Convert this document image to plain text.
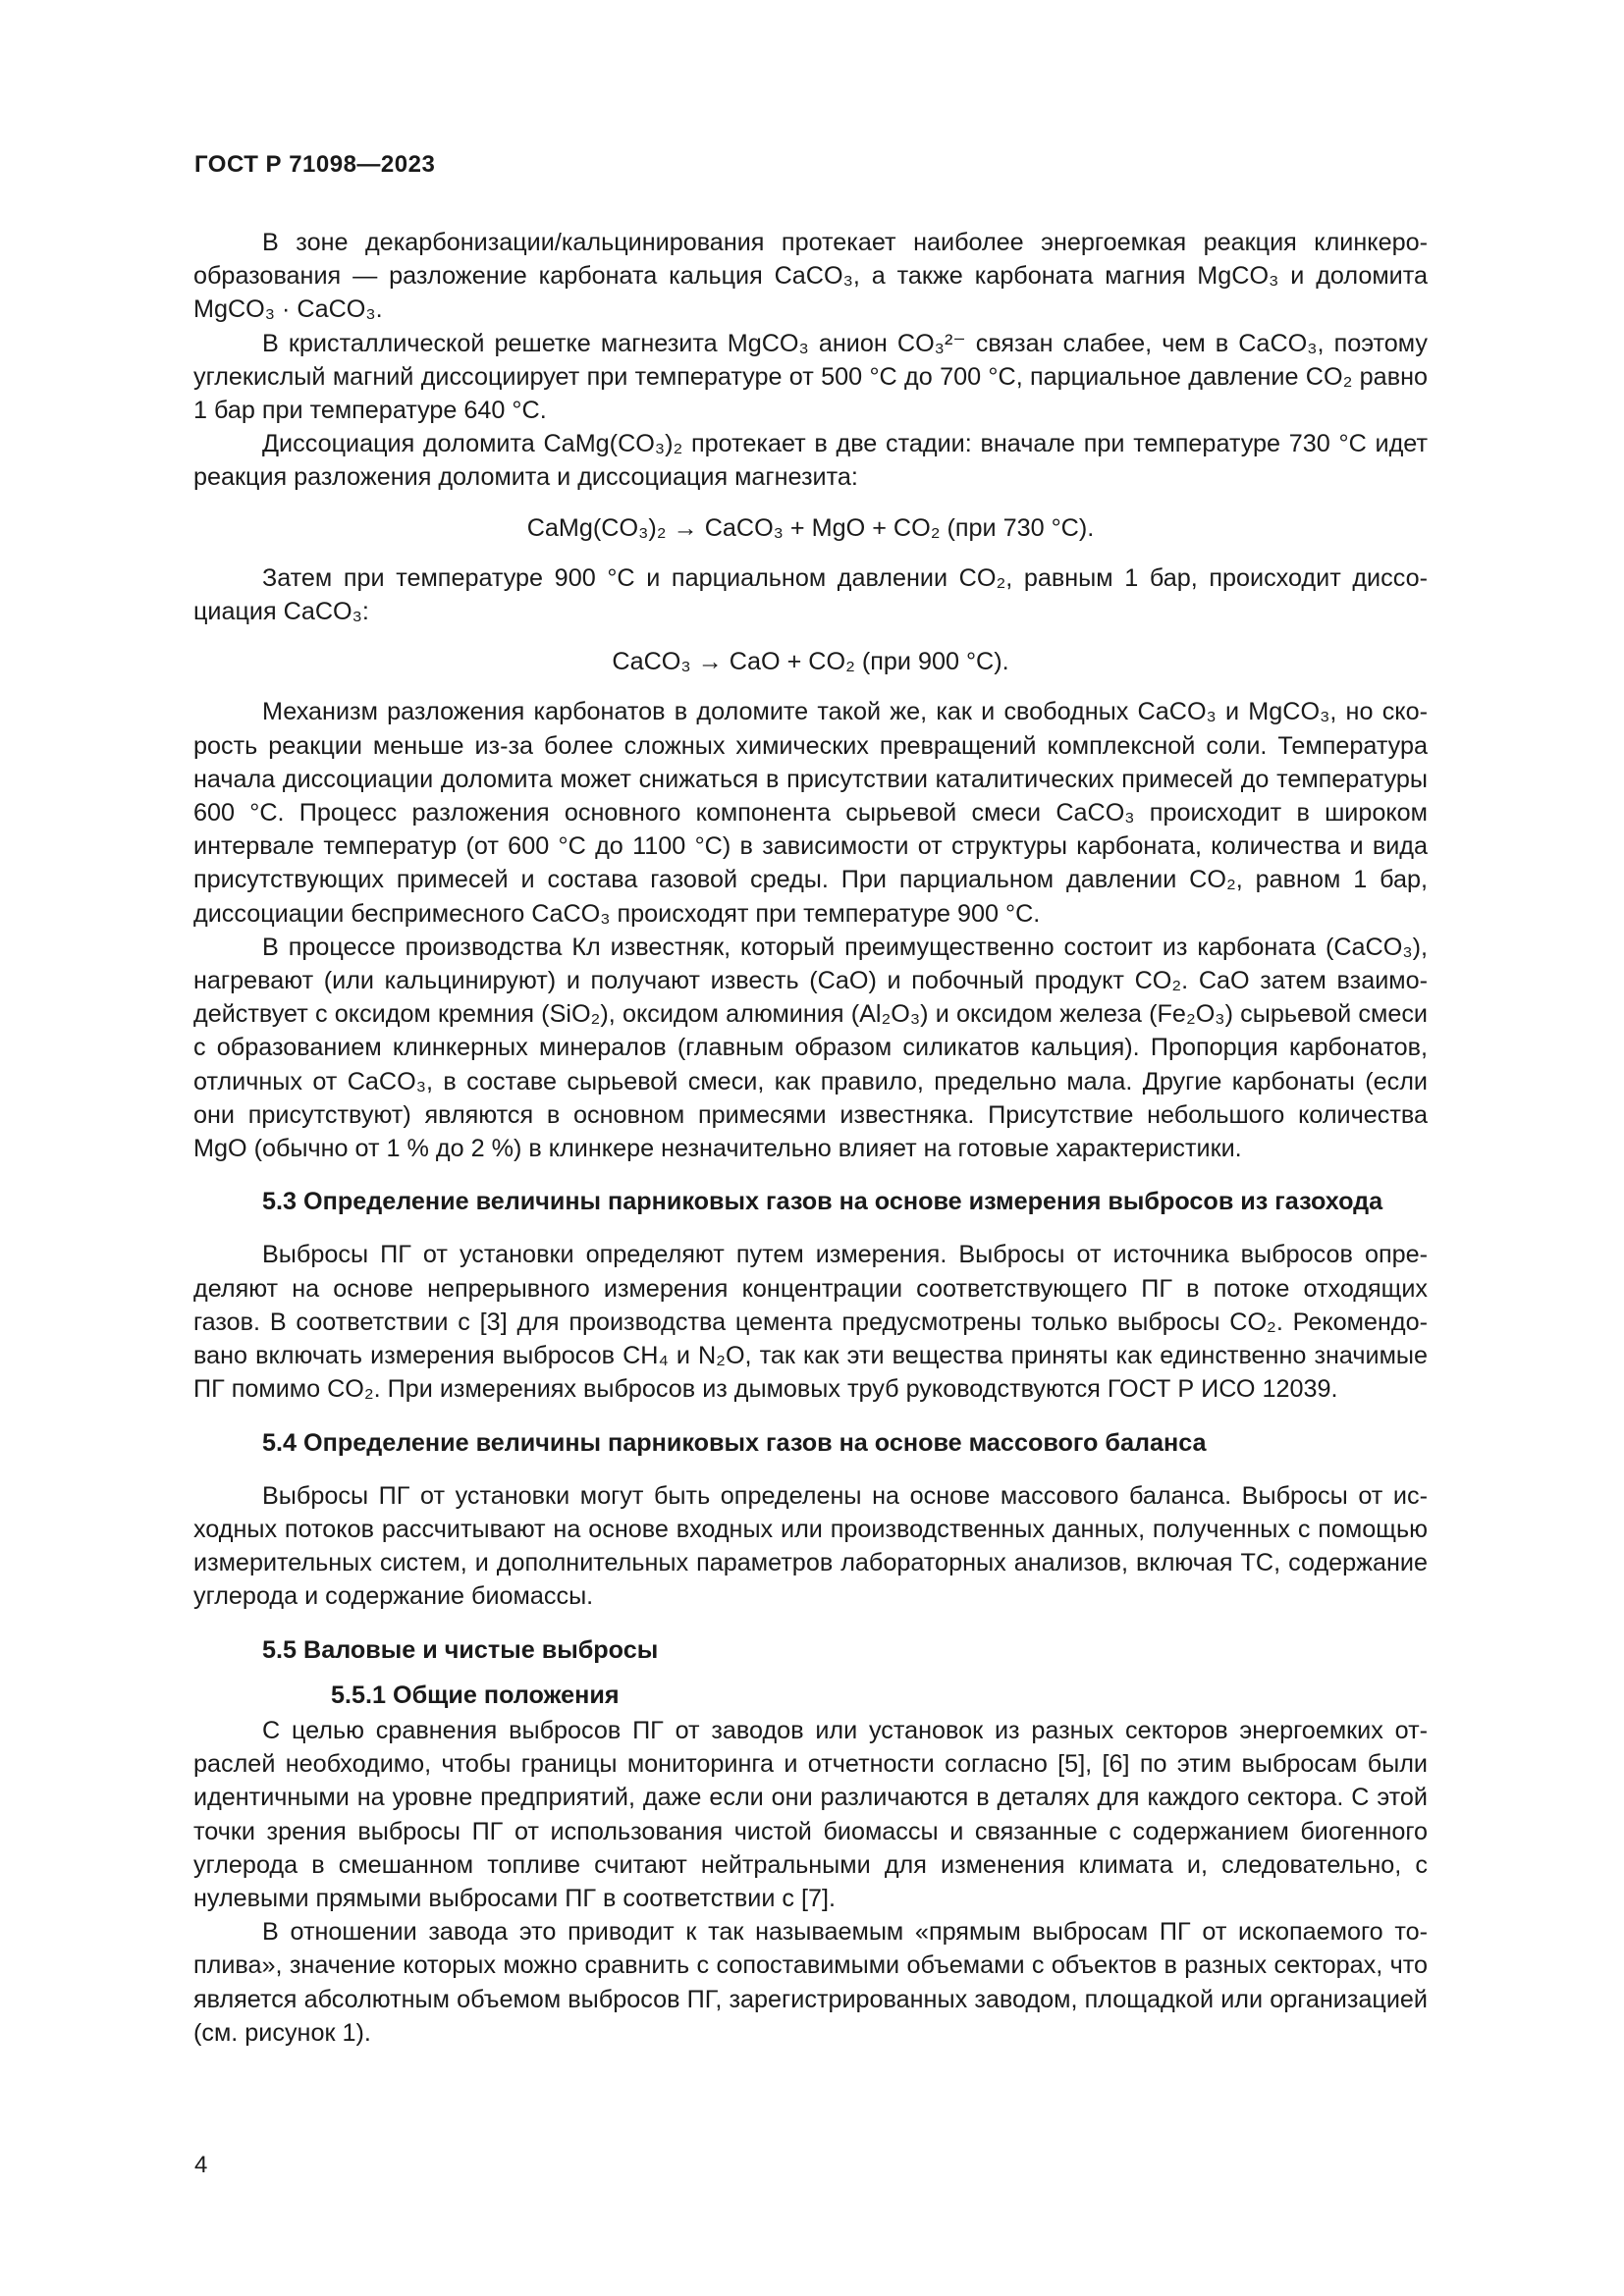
ГОСТ Р 71098—2023

В зоне декарбонизации/кальцинирования протекает наиболее энергоемкая реакция клинкерообразования — разложение карбоната кальция CaCO₃, а также карбоната магния MgCO₃ и доломита MgCO₃ · CaCO₃.

В кристаллической решетке магнезита MgCO₃ анион CO₃²⁻ связан слабее, чем в CaCO₃, поэтому углекислый магний диссоциирует при температуре от 500 °C до 700 °C, парциальное давление CO₂ равно 1 бар при температуре 640 °C.

Диссоциация доломита CaMg(CO₃)₂ протекает в две стадии: вначале при температуре 730 °C идет реакция разложения доломита и диссоциация магнезита:

CaMg(CO₃)₂ → CaCO₃ + MgO + CO₂ (при 730 °C).

Затем при температуре 900 °C и парциальном давлении CO₂, равным 1 бар, происходит диссоциация CaCO₃:

CaCO₃ → CaO + CO₂ (при 900 °C).

Механизм разложения карбонатов в доломите такой же, как и свободных CaCO₃ и MgCO₃, но скорость реакции меньше из-за более сложных химических превращений комплексной соли. Температура начала диссоциации доломита может снижаться в присутствии каталитических примесей до температуры 600 °C. Процесс разложения основного компонента сырьевой смеси CaCO₃ происходит в широком интервале температур (от 600 °C до 1100 °C) в зависимости от структуры карбоната, количества и вида присутствующих примесей и состава газовой среды. При парциальном давлении CO₂, равном 1 бар, диссоциации беспримесного CaCO₃ происходят при температуре 900 °C.

В процессе производства Кл известняк, который преимущественно состоит из карбоната (CaCO₃), нагревают (или кальцинируют) и получают известь (CaO) и побочный продукт CO₂. CaO затем взаимодействует с оксидом кремния (SiO₂), оксидом алюминия (Al₂O₃) и оксидом железа (Fe₂O₃) сырьевой смеси с образованием клинкерных минералов (главным образом силикатов кальция). Пропорция карбонатов, отличных от CaCO₃, в составе сырьевой смеси, как правило, предельно мала. Другие карбонаты (если они присутствуют) являются в основном примесями известняка. Присутствие небольшого количества MgO (обычно от 1 % до 2 %) в клинкере незначительно влияет на готовые характеристики.

5.3 Определение величины парниковых газов на основе измерения выбросов из газохода

Выбросы ПГ от установки определяют путем измерения. Выбросы от источника выбросов определяют на основе непрерывного измерения концентрации соответствующего ПГ в потоке отходящих газов. В соответствии с [3] для производства цемента предусмотрены только выбросы CO₂. Рекомендовано включать измерения выбросов CH₄ и N₂O, так как эти вещества приняты как единственно значимые ПГ помимо CO₂. При измерениях выбросов из дымовых труб руководствуются ГОСТ Р ИСО 12039.

5.4 Определение величины парниковых газов на основе массового баланса

Выбросы ПГ от установки могут быть определены на основе массового баланса. Выбросы от исходных потоков рассчитывают на основе входных или производственных данных, полученных с помощью измерительных систем, и дополнительных параметров лабораторных анализов, включая ТС, содержание углерода и содержание биомассы.

5.5 Валовые и чистые выбросы

5.5.1 Общие положения

С целью сравнения выбросов ПГ от заводов или установок из разных секторов энергоемких отраслей необходимо, чтобы границы мониторинга и отчетности согласно [5], [6] по этим выбросам были идентичными на уровне предприятий, даже если они различаются в деталях для каждого сектора. С этой точки зрения выбросы ПГ от использования чистой биомассы и связанные с содержанием биогенного углерода в смешанном топливе считают нейтральными для изменения климата и, следовательно, с нулевыми прямыми выбросами ПГ в соответствии с [7].

В отношении завода это приводит к так называемым «прямым выбросам ПГ от ископаемого топлива», значение которых можно сравнить с сопоставимыми объемами с объектов в разных секторах, что является абсолютным объемом выбросов ПГ, зарегистрированных заводом, площадкой или организацией (см. рисунок 1).

4
